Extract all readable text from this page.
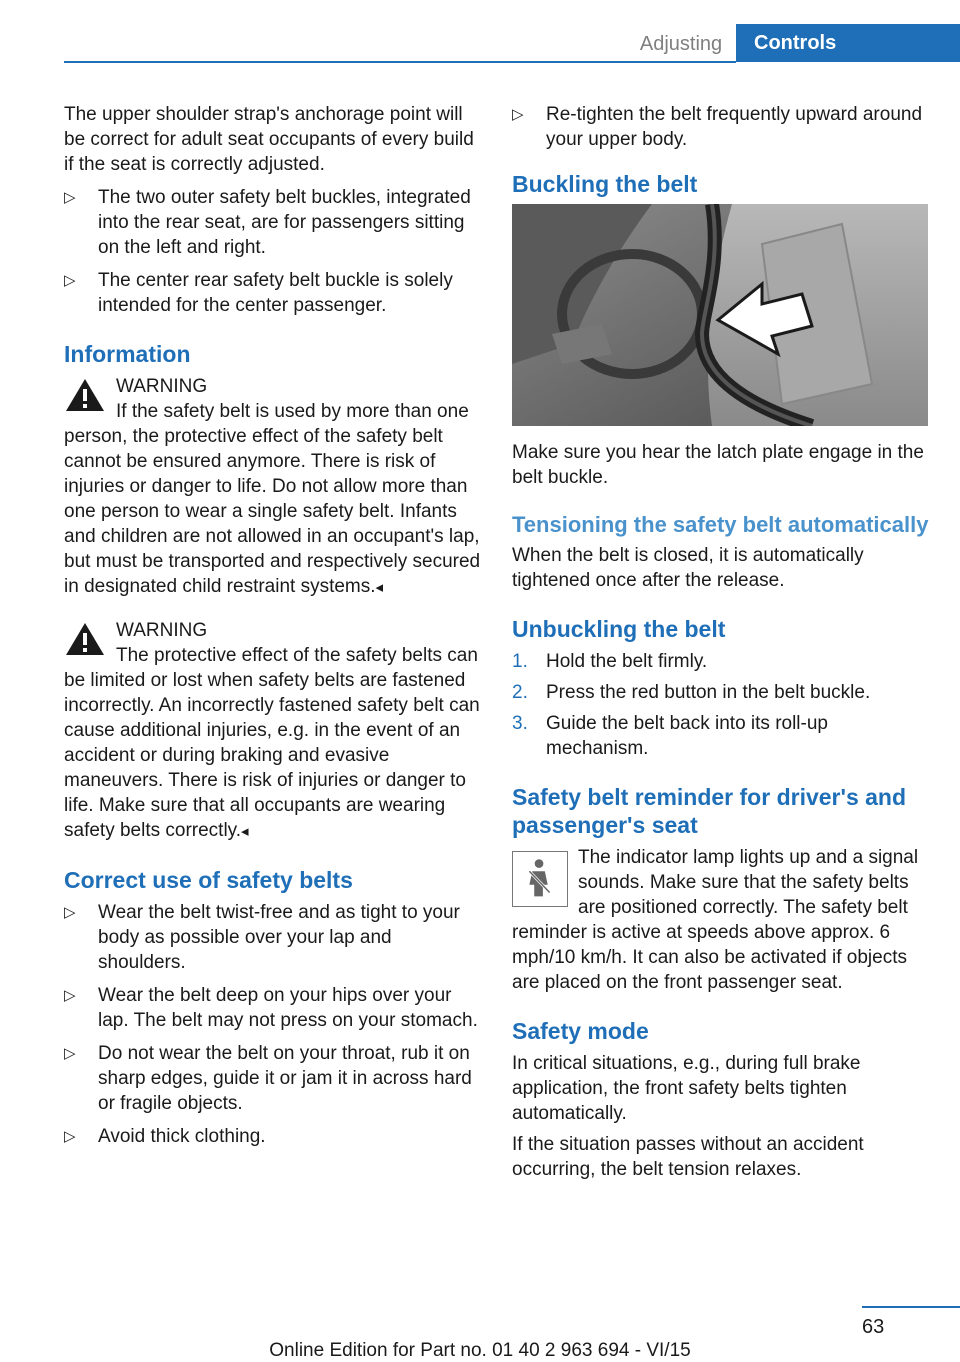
Adjusting	Controls

The upper shoulder strap's anchorage point will be correct for adult seat occupants of every build if the seat is correctly adjusted.

▷ The two outer safety belt buckles, integrated into the rear seat, are for passengers sitting on the left and right.
▷ The center rear safety belt buckle is solely intended for the center passenger.
Information
WARNING

If the safety belt is used by more than one person, the protective effect of the safety belt cannot be ensured anymore. There is risk of injuries or danger to life. Do not allow more than one person to wear a single safety belt. Infants and children are not allowed in an occupant's lap, but must be transported and respectively secured in designated child restraint systems.◂

WARNING

The protective effect of the safety belts can be limited or lost when safety belts are fastened incorrectly. An incorrectly fastened safety belt can cause additional injuries, e.g. in the event of an accident or during braking and evasive maneuvers. There is risk of injuries or danger to life. Make sure that all occupants are wearing safety belts correctly.◂

Correct use of safety belts
▷ Wear the belt twist-free and as tight to your body as possible over your lap and shoulders.
▷ Wear the belt deep on your hips over your lap. The belt may not press on your stomach.
▷ Do not wear the belt on your throat, rub it on sharp edges, guide it or jam it in across hard or fragile objects.
▷ Avoid thick clothing.
▷ Re-tighten the belt frequently upward around your upper body.
Buckling the belt

Make sure you hear the latch plate engage in the belt buckle.

Tensioning the safety belt automatically

When the belt is closed, it is automatically tightened once after the release.

Unbuckling the belt
1. Hold the belt firmly.
2. Press the red button in the belt buckle.
3. Guide the belt back into its roll-up mechanism.
Safety belt reminder for driver's and passenger's seat

The indicator lamp lights up and a signal sounds. Make sure that the safety belts are positioned correctly. The safety belt reminder is active at speeds above approx. 6 mph/10 km/h. It can also be activated if objects are placed on the front passenger seat.

Safety mode

In critical situations, e.g., during full brake application, the front safety belts tighten automatically.

If the situation passes without an accident occurring, the belt tension relaxes.

63
Online Edition for Part no. 01 40 2 963 694 - VI/15
